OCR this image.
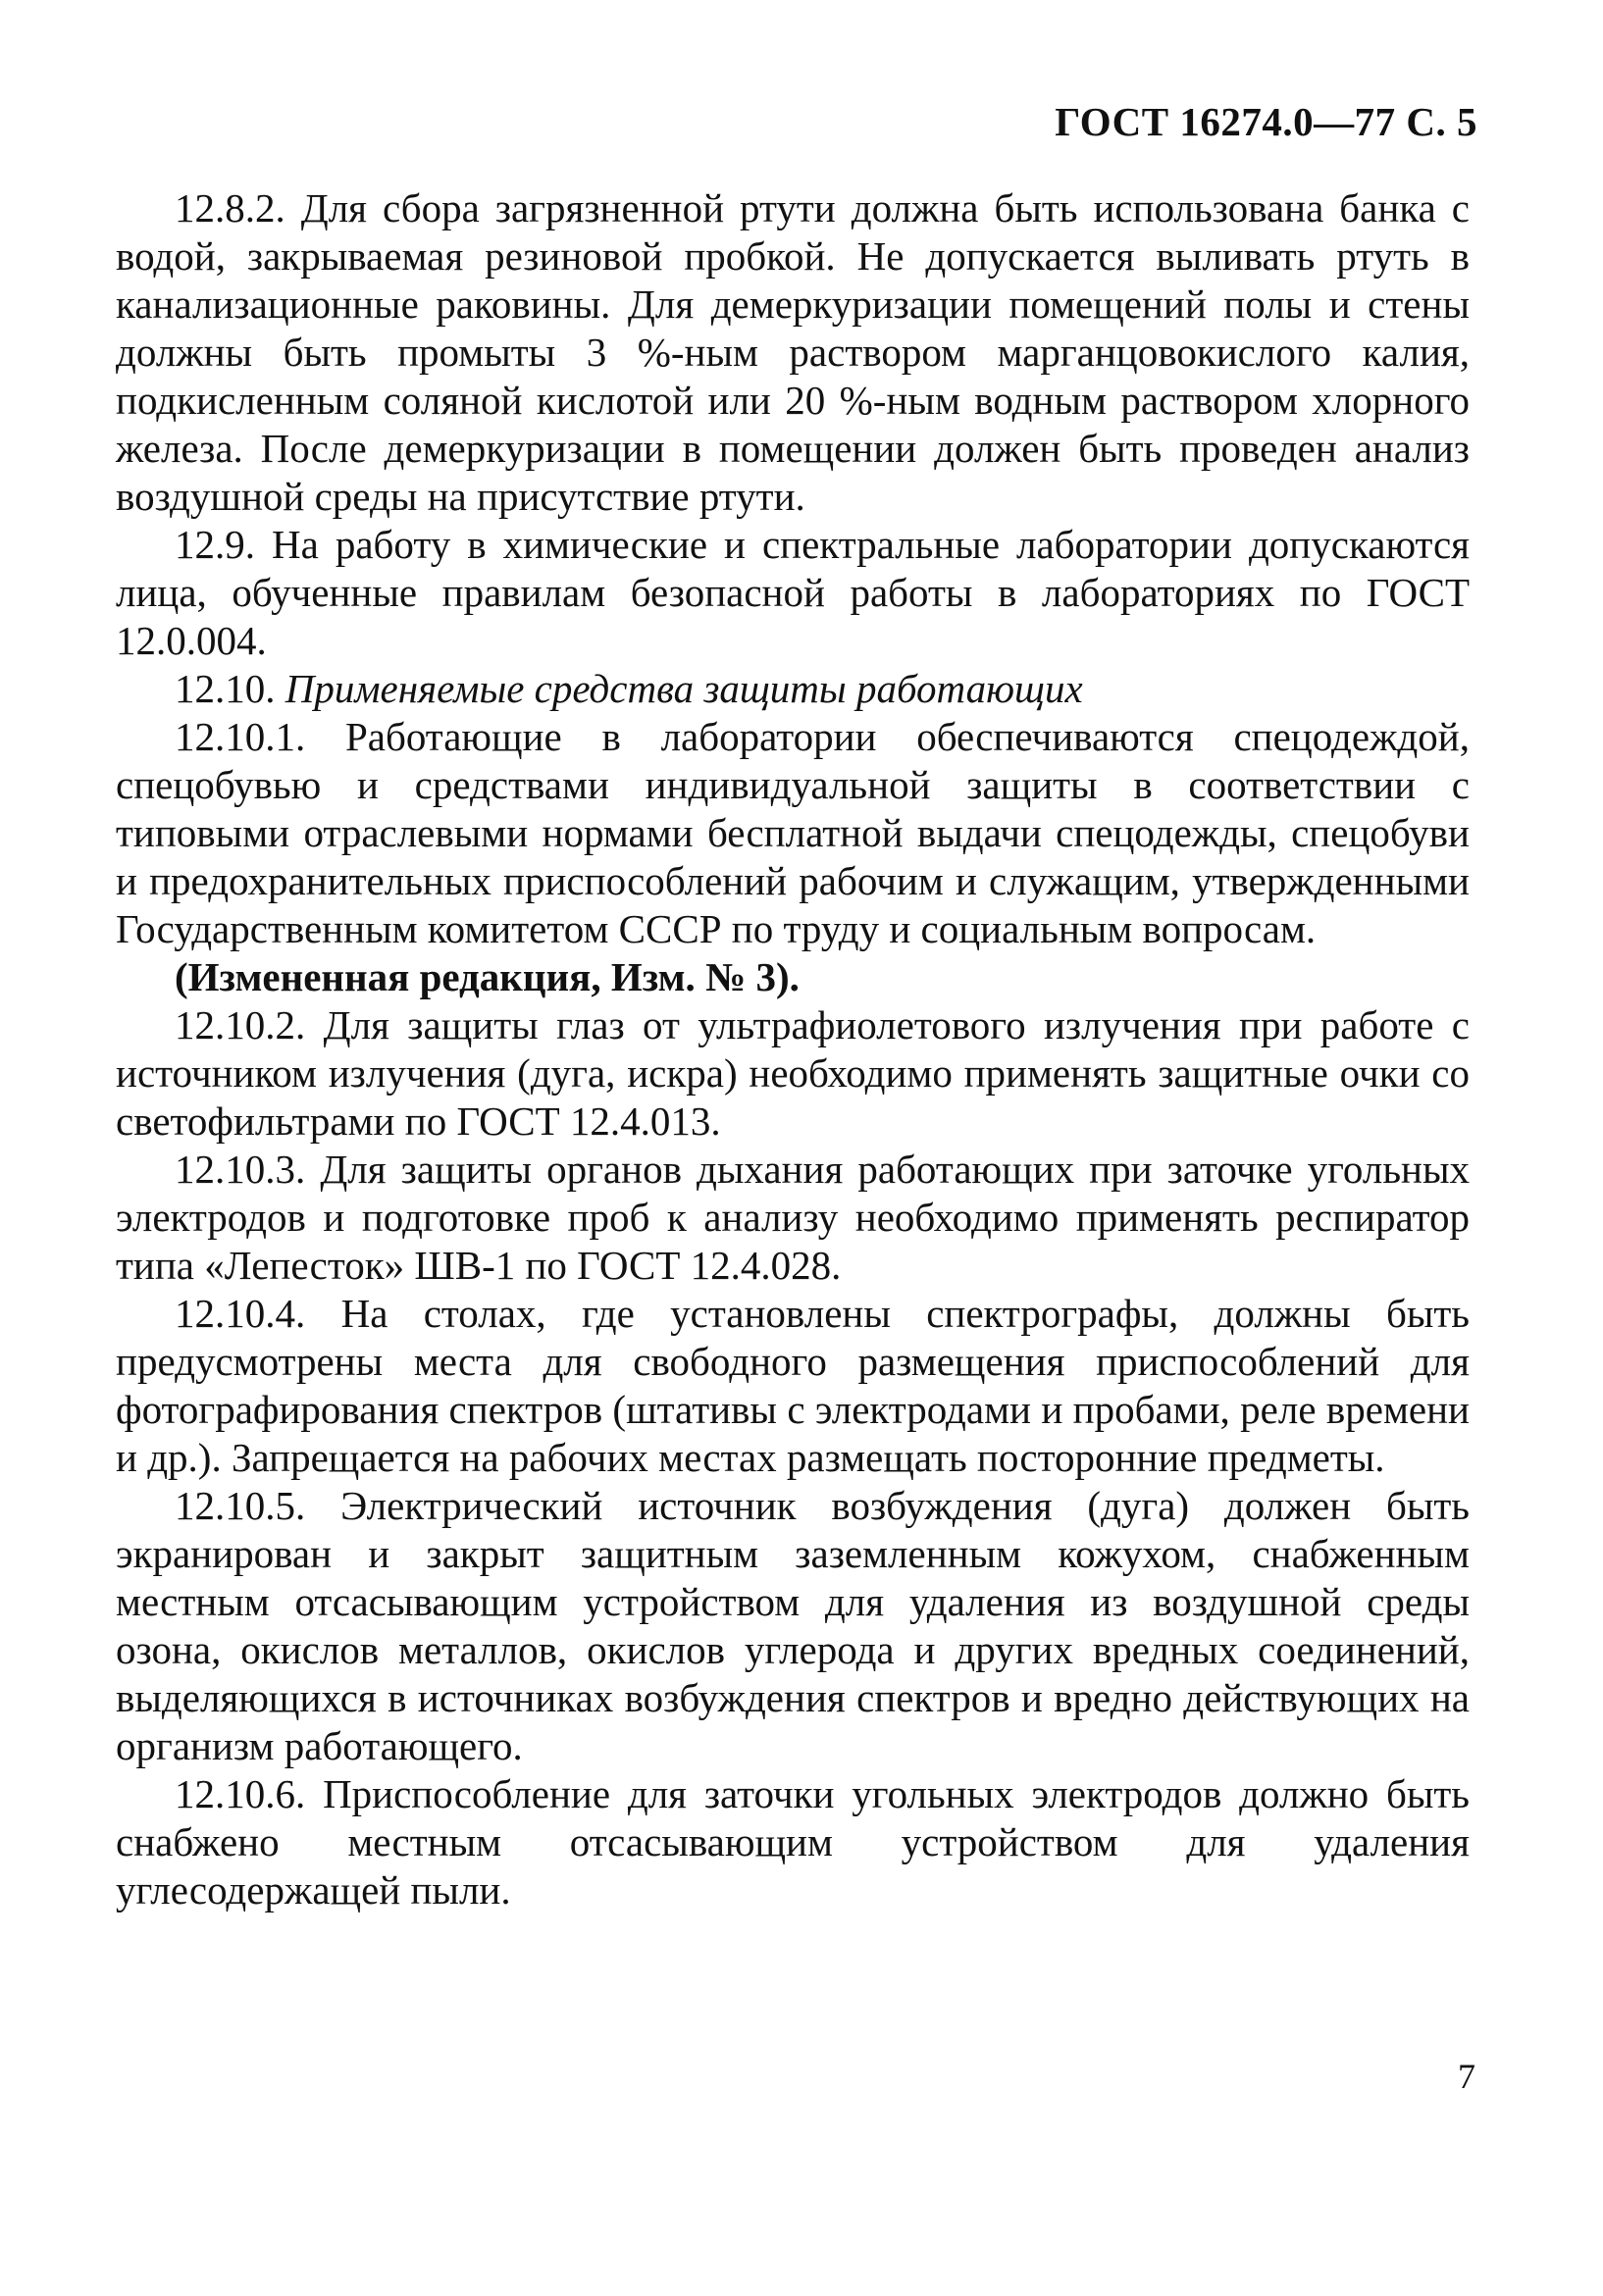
ГОСТ 16274.0—77 С. 5

12.8.2. Для сбора загрязненной ртути должна быть использована банка с водой, закрываемая резиновой пробкой. Не допускается выливать ртуть в канализационные раковины. Для демеркуризации помещений полы и стены должны быть промыты 3 %-ным раствором марганцовокислого калия, подкисленным соляной кислотой или 20 %-ным водным раствором хлорного железа. После демеркуризации в помещении должен быть проведен анализ воздушной среды на присутствие ртути.

12.9. На работу в химические и спектральные лаборатории допускаются лица, обученные правилам безопасной работы в лабораториях по ГОСТ 12.0.004.

12.10. Применяемые средства защиты работающих

12.10.1. Работающие в лаборатории обеспечиваются спецодеждой, спецобувью и средствами индивидуальной защиты в соответствии с типовыми отраслевыми нормами бесплатной выдачи спецодежды, спецобуви и предохранительных приспособлений рабочим и служащим, утвержденными Государственным комитетом СССР по труду и социальным вопросам.

(Измененная редакция, Изм. № 3).

12.10.2. Для защиты глаз от ультрафиолетового излучения при работе с источником излучения (дуга, искра) необходимо применять защитные очки со светофильтрами по ГОСТ 12.4.013.

12.10.3. Для защиты органов дыхания работающих при заточке угольных электродов и подготовке проб к анализу необходимо применять респиратор типа «Лепесток» ШВ-1 по ГОСТ 12.4.028.

12.10.4. На столах, где установлены спектрографы, должны быть предусмотрены места для свободного размещения приспособлений для фотографирования спектров (штативы с электродами и пробами, реле времени и др.). Запрещается на рабочих местах размещать посторонние предметы.

12.10.5. Электрический источник возбуждения (дуга) должен быть экранирован и закрыт защитным заземленным кожухом, снабженным местным отсасывающим устройством для удаления из воздушной среды озона, окислов металлов, окислов углерода и других вредных соединений, выделяющихся в источниках возбуждения спектров и вредно действующих на организм работающего.

12.10.6. Приспособление для заточки угольных электродов должно быть снабжено местным отсасывающим устройством для удаления углесодержащей пыли.

7
